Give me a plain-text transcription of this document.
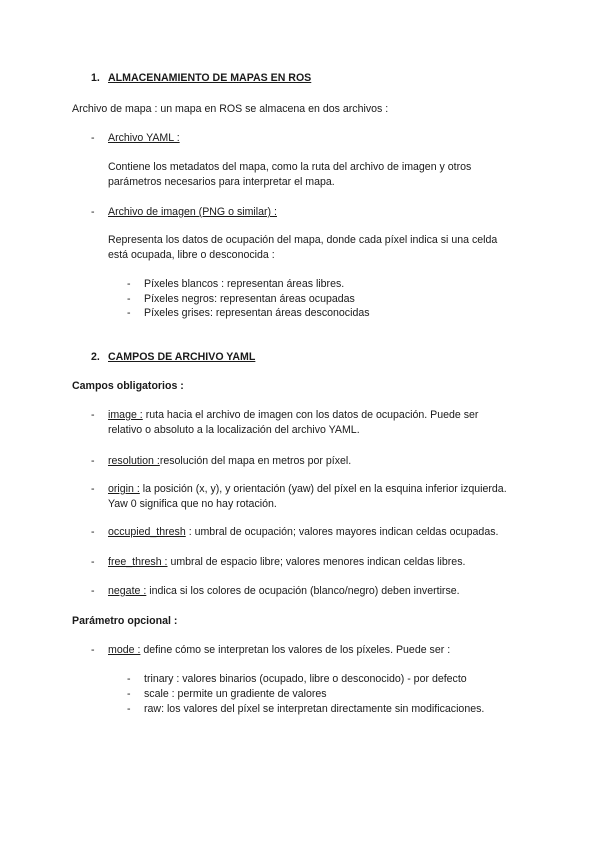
1. ALMACENAMIENTO DE MAPAS EN ROS
Archivo de mapa : un mapa en ROS se almacena en dos archivos :
- Archivo YAML :
Contiene los metadatos del mapa, como la ruta del archivo de imagen y otros
parámetros necesarios para interpretar el mapa.
- Archivo de imagen (PNG o similar) :
Representa los datos de ocupación del mapa, donde cada píxel indica si una celda
está ocupada, libre o desconocida :
- Píxeles blancos : representan áreas libres.
- Píxeles negros: representan áreas ocupadas
- Píxeles grises: representan áreas desconocidas
2. CAMPOS DE ARCHIVO YAML
Campos obligatorios :
- image : ruta hacia el archivo de imagen con los datos de ocupación. Puede ser
relativo o absoluto a la localización del archivo YAML.
- resolution :resolución del mapa en metros por píxel.
- origin : la posición (x, y), y orientación (yaw) del píxel en la esquina inferior izquierda.
Yaw 0 significa que no hay rotación.
- occupied_thresh : umbral de ocupación; valores mayores indican celdas ocupadas.
- free_thresh : umbral de espacio libre; valores menores indican celdas libres.
- negate : indica si los colores de ocupación (blanco/negro) deben invertirse.
Parámetro opcional :
- mode : define cómo se interpretan los valores de los píxeles. Puede ser :
- trinary : valores binarios (ocupado, libre o desconocido) - por defecto
- scale : permite un gradiente de valores
- raw: los valores del píxel se interpretan directamente sin modificaciones.
